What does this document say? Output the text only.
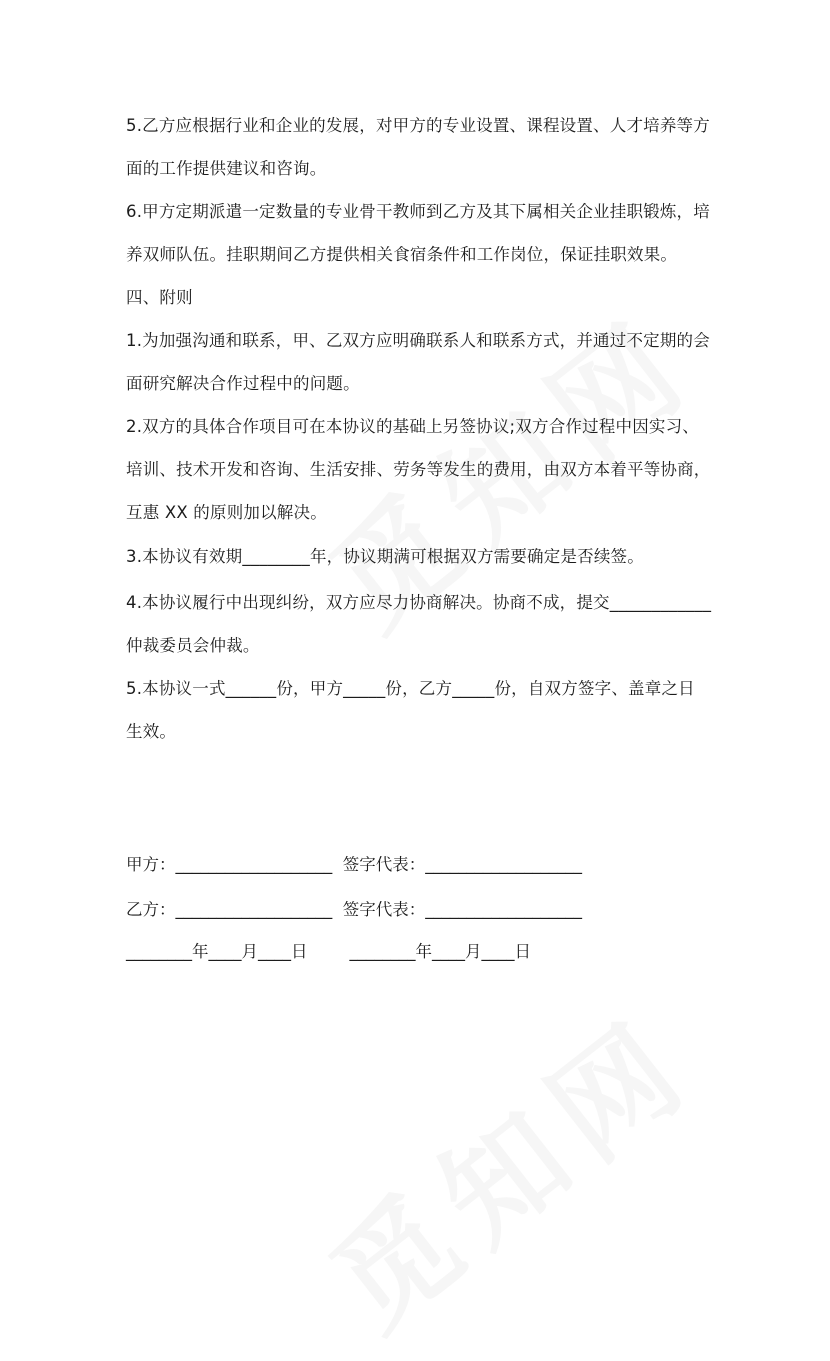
5.乙方应根据行业和企业的发展，对甲方的专业设置、课程设置、人才培养等方
面的工作提供建议和咨询。

6.甲方定期派遣一定数量的专业骨干教师到乙方及其下属相关企业挂职锻炼，培
养双师队伍。挂职期间乙方提供相关食宿条件和工作岗位，保证挂职效果。

四、附则

1.为加强沟通和联系，甲、乙双方应明确联系人和联系方式，并通过不定期的会
面研究解决合作过程中的问题。

2.双方的具体合作项目可在本协议的基础上另签协议;双方合作过程中因实习、
培训、技术开发和咨询、生活安排、劳务等发生的费用，由双方本着平等协商，
互惠 XX 的原则加以解决。

3.本协议有效期________年，协议期满可根据双方需要确定是否续签。

4.本协议履行中出现纠纷，双方应尽力协商解决。协商不成，提交____________
仲裁委员会仲裁。

5.本协议一式______份，甲方_____份，乙方_____份，自双方签字、盖章之日
生效。

甲方：___________________  签字代表：___________________
乙方：___________________  签字代表：___________________
________年____月____日        ________年____月____日
